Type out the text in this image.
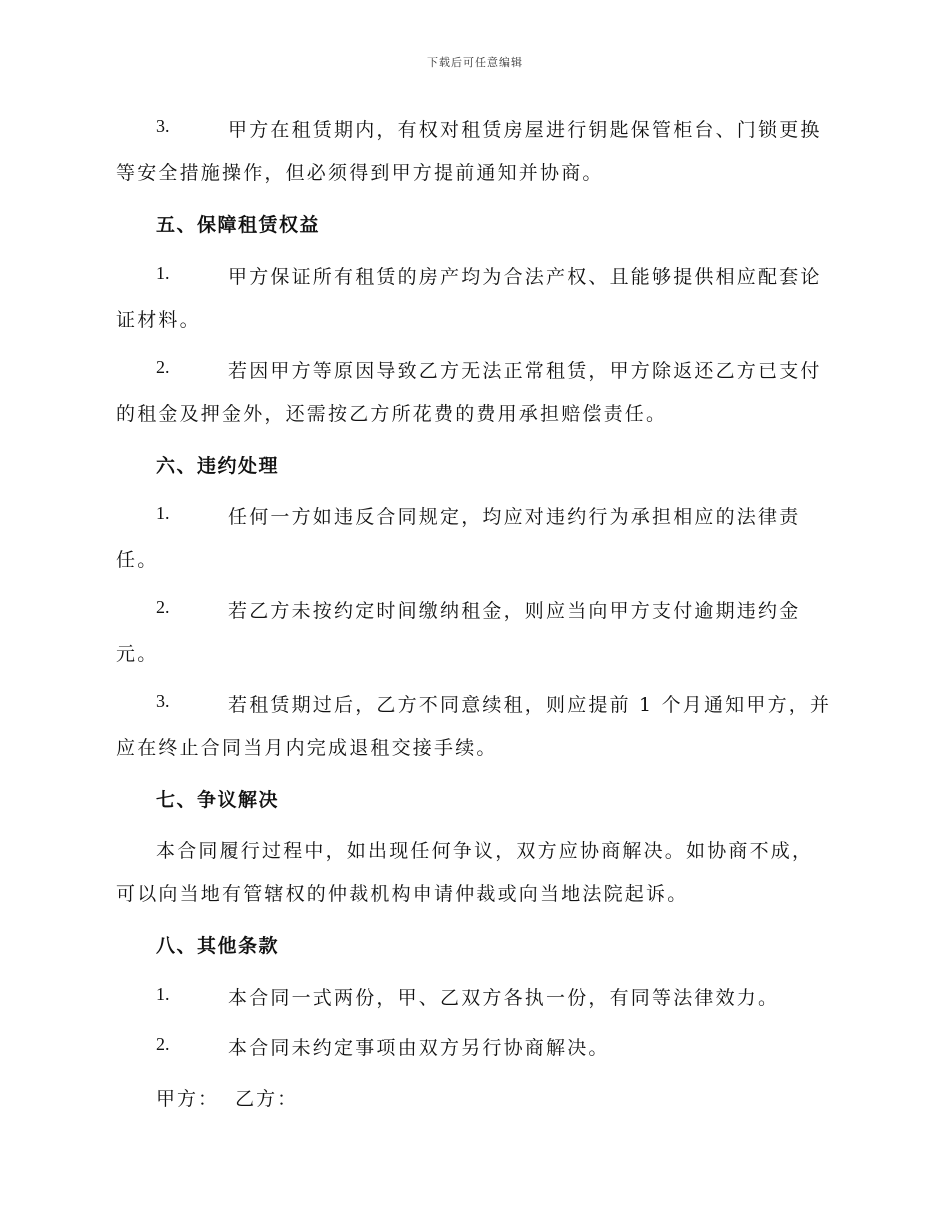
下载后可任意编辑
3.	甲方在租赁期内，有权对租赁房屋进行钥匙保管柜台、门锁更换
等安全措施操作，但必须得到甲方提前通知并协商。
五、保障租赁权益
1.	甲方保证所有租赁的房产均为合法产权、且能够提供相应配套论
证材料。
2.	若因甲方等原因导致乙方无法正常租赁，甲方除返还乙方已支付
的租金及押金外，还需按乙方所花费的费用承担赔偿责任。
六、违约处理
1.	任何一方如违反合同规定，均应对违约行为承担相应的法律责
任。
2.	若乙方未按约定时间缴纳租金，则应当向甲方支付逾期违约金
元。
3.	若租赁期过后，乙方不同意续租，则应提前 1 个月通知甲方，并
应在终止合同当月内完成退租交接手续。
七、争议解决
本合同履行过程中，如出现任何争议，双方应协商解决。如协商不成，
可以向当地有管辖权的仲裁机构申请仲裁或向当地法院起诉。
八、其他条款
1.	本合同一式两份，甲、乙双方各执一份，有同等法律效力。
2.	本合同未约定事项由双方另行协商解决。
甲方： 乙方：
